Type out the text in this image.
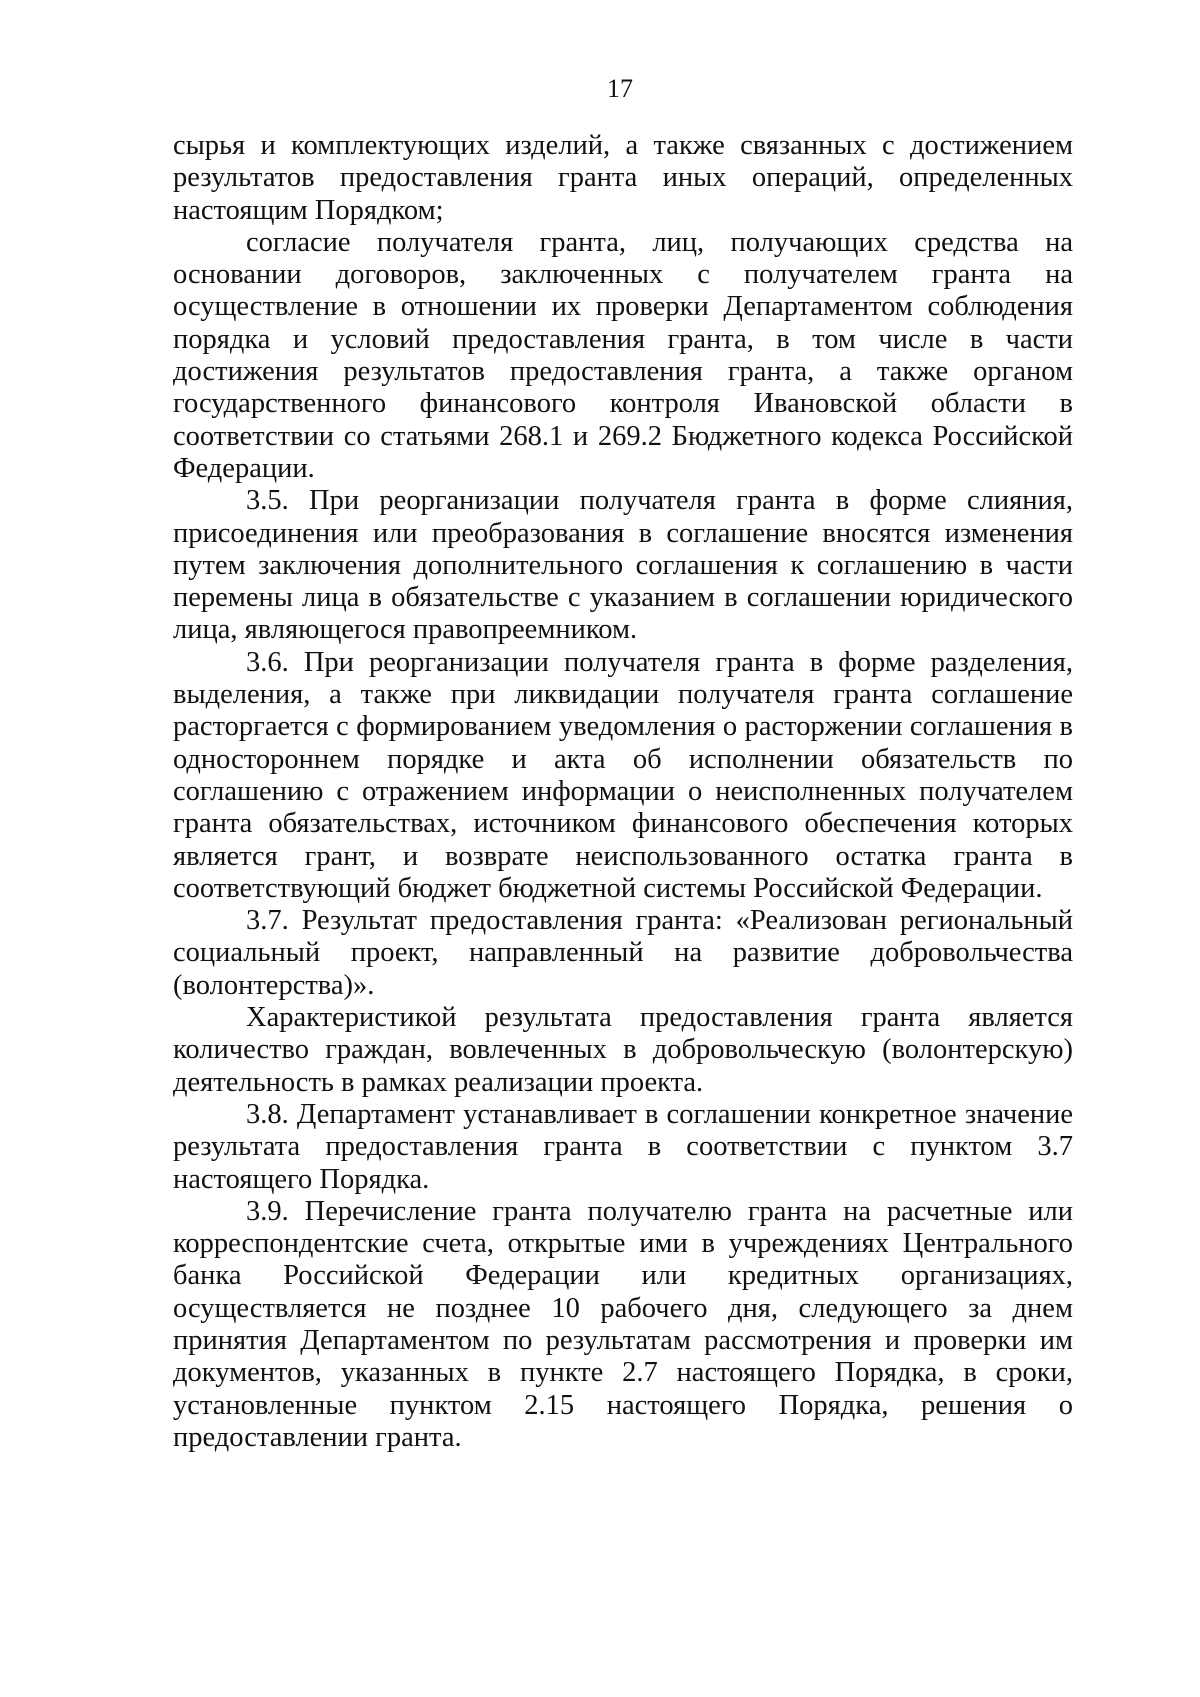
17

сырья и комплектующих изделий, а также связанных с достижением результатов предоставления гранта иных операций, определенных настоящим Порядком;

согласие получателя гранта, лиц, получающих средства на основании договоров, заключенных с получателем гранта на осуществление в отношении их проверки Департаментом соблюдения порядка и условий предоставления гранта, в том числе в части достижения результатов предоставления гранта, а также органом государственного финансового контроля Ивановской области в соответствии со статьями 268.1 и 269.2 Бюджетного кодекса Российской Федерации.

3.5. При реорганизации получателя гранта в форме слияния, присоединения или преобразования в соглашение вносятся изменения путем заключения дополнительного соглашения к соглашению в части перемены лица в обязательстве с указанием в соглашении юридического лица, являющегося правопреемником.

3.6. При реорганизации получателя гранта в форме разделения, выделения, а также при ликвидации получателя гранта соглашение расторгается с формированием уведомления о расторжении соглашения в одностороннем порядке и акта об исполнении обязательств по соглашению с отражением информации о неисполненных получателем гранта обязательствах, источником финансового обеспечения которых является грант, и возврате неиспользованного остатка гранта в соответствующий бюджет бюджетной системы Российской Федерации.

3.7. Результат предоставления гранта: «Реализован региональный социальный проект, направленный на развитие добровольчества (волонтерства)».

Характеристикой результата предоставления гранта является количество граждан, вовлеченных в добровольческую (волонтерскую) деятельность в рамках реализации проекта.

3.8. Департамент устанавливает в соглашении конкретное значение результата предоставления гранта в соответствии с пунктом 3.7 настоящего Порядка.

3.9. Перечисление гранта получателю гранта на расчетные или корреспондентские счета, открытые ими в учреждениях Центрального банка Российской Федерации или кредитных организациях, осуществляется не позднее 10 рабочего дня, следующего за днем принятия Департаментом по результатам рассмотрения и проверки им документов, указанных в пункте 2.7 настоящего Порядка, в сроки, установленные пунктом 2.15 настоящего Порядка, решения о предоставлении гранта.
